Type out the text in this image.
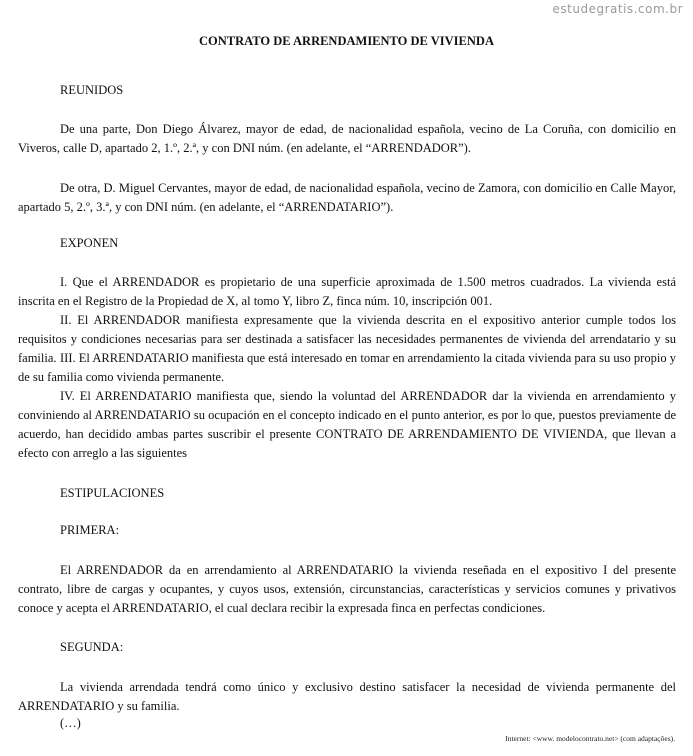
estudegratis.com.br
CONTRATO DE ARRENDAMIENTO DE VIVIENDA
REUNIDOS
De una parte, Don Diego Álvarez, mayor de edad, de nacionalidad española, vecino de La Coruña, con domicilio en Viveros, calle D, apartado 2, 1.º, 2.ª, y con DNI núm. (en adelante, el “ARRENDADOR”).
De otra, D. Miguel Cervantes, mayor de edad, de nacionalidad española, vecino de Zamora, con domicilio en Calle Mayor, apartado 5, 2.º, 3.ª, y con DNI núm. (en adelante, el “ARRENDATARIO”).
EXPONEN
I. Que el ARRENDADOR es propietario de una superficie aproximada de 1.500 metros cuadrados. La vivienda está inscrita en el Registro de la Propiedad de X, al tomo Y, libro Z, finca núm. 10, inscripción 001.
II. El ARRENDADOR manifiesta expresamente que la vivienda descrita en el expositivo anterior cumple todos los requisitos y condiciones necesarias para ser destinada a satisfacer las necesidades permanentes de vivienda del arrendatario y su familia. III. El ARRENDATARIO manifiesta que está interesado en tomar en arrendamiento la citada vivienda para su uso propio y de su familia como vivienda permanente.
IV. El ARRENDATARIO manifiesta que, siendo la voluntad del ARRENDADOR dar la vivienda en arrendamiento y conviniendo al ARRENDATARIO su ocupación en el concepto indicado en el punto anterior, es por lo que, puestos previamente de acuerdo, han decidido ambas partes suscribir el presente CONTRATO DE ARRENDAMIENTO DE VIVIENDA, que llevan a efecto con arreglo a las siguientes
ESTIPULACIONES
PRIMERA:
El ARRENDADOR da en arrendamiento al ARRENDATARIO la vivienda reseñada en el expositivo I del presente contrato, libre de cargas y ocupantes, y cuyos usos, extensión, circunstancias, características y servicios comunes y privativos conoce y acepta el ARRENDATARIO, el cual declara recibir la expresada finca en perfectas condiciones.
SEGUNDA:
La vivienda arrendada tendrá como único y exclusivo destino satisfacer la necesidad de vivienda permanente del ARRENDATARIO y su familia.
(…)
Internet: <www. modelocontrato.net> (com adaptações).
